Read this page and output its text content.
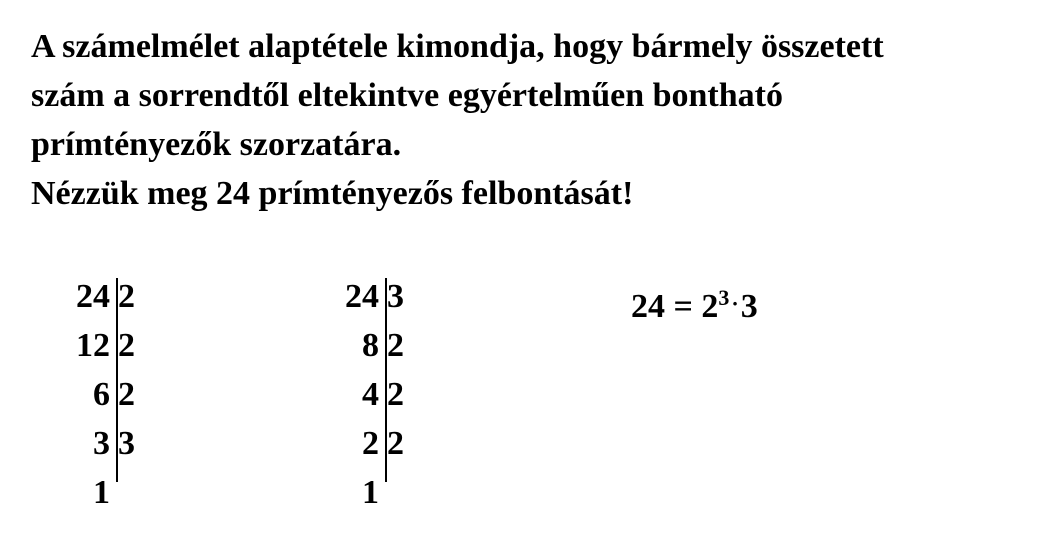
A számelmélet alaptétele kimondja, hogy bármely összetett

szám a sorrendtől eltekintve egyértelműen bontható

prímtényezők szorzatára.

Nézzük meg 24 prímtényezős felbontását!

24 2
12 2
6 2
3 3
1
24 3
8 2
4 2
2 2
1
$24 = 2^3\cdot 3$
